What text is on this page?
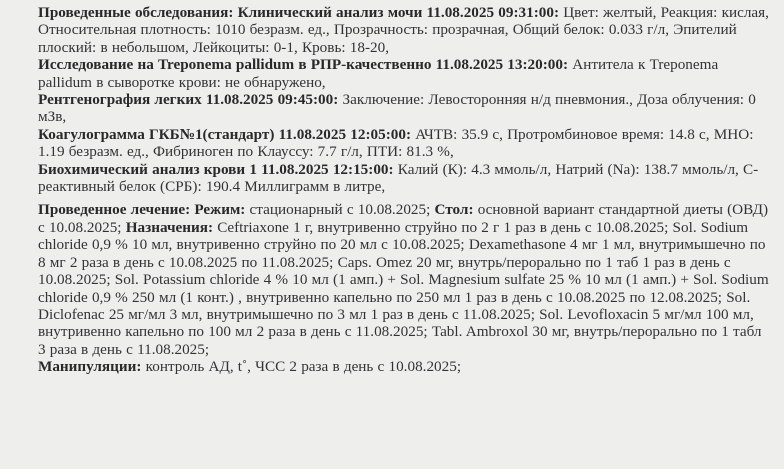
Проведенные обследования: Клинический анализ мочи 11.08.2025 09:31:00: Цвет: желтый, Реакция: кислая, Относительная плотность: 1010 безразм. ед., Прозрачность: прозрачная, Общий белок: 0.033 г/л, Эпителий плоский: в небольшом, Лейкоциты: 0-1, Кровь: 18-20,

Исследование на Treponema pallidum в РПР-качественно 11.08.2025 13:20:00: Антитела к Treponema pallidum в сыворотке крови: не обнаружено,

Рентгенография легких 11.08.2025 09:45:00: Заключение: Левосторонняя н/д пневмония., Доза облучения: 0 мЗв,

Коагулограмма ГКБ№1(стандарт) 11.08.2025 12:05:00: АЧТВ: 35.9 с, Протромбиновое время: 14.8 с, МНО: 1.19 безразм. ед., Фибриноген по Клауссу: 7.7 г/л, ПТИ: 81.3 %,

Биохимический анализ крови 1 11.08.2025 12:15:00: Калий (К): 4.3 ммоль/л, Натрий (Na): 138.7 ммоль/л, С-реактивный белок (СРБ): 190.4 Миллиграмм в литре,

Проведенное лечение: Режим: стационарный с 10.08.2025; Стол: основной вариант стандартной диеты (ОВД) с 10.08.2025; Назначения: Ceftriaxone 1 г, внутривенно струйно по 2 г 1 раз в день с 10.08.2025; Sol. Sodium chloride 0,9 % 10 мл, внутривенно струйно по 20 мл с 10.08.2025; Dexamethasone 4 мг 1 мл, внутримышечно по 8 мг 2 раза в день с 10.08.2025 по 11.08.2025; Caps. Omez 20 мг, внутрь/перорально по 1 таб 1 раз в день с 10.08.2025; Sol. Potassium chloride 4 % 10 мл (1 амп.) + Sol. Magnesium sulfate 25 % 10 мл (1 амп.) + Sol. Sodium chloride 0,9 % 250 мл (1 конт.) , внутривенно капельно по 250 мл 1 раз в день с 10.08.2025 по 12.08.2025; Sol. Diclofenac 25 мг/мл 3 мл, внутримышечно по 3 мл 1 раз в день с 11.08.2025; Sol. Levofloxacin 5 мг/мл 100 мл, внутривенно капельно по 100 мл 2 раза в день с 11.08.2025; Tabl. Ambroxol 30 мг, внутрь/перорально по 1 табл 3 раза в день с 11.08.2025;

Манипуляции: контроль АД, t˚, ЧСС 2 раза в день с 10.08.2025;
